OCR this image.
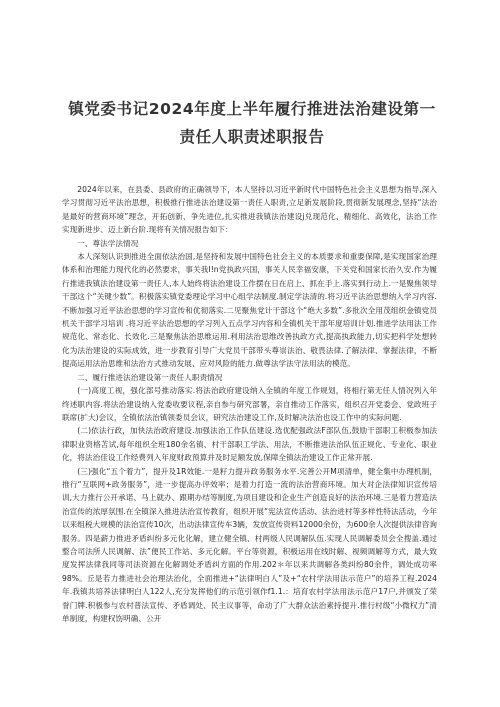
镇党委书记2024年度上半年履行推进法治建设第一责任人职责述职报告

2024年以来，在县委、县政府的正确领导下，本人坚持以习近平新时代中国特色社会主义思想为指导,深入学习贯彻习近平法治思想，积极推行推进法治建设第一责任人职责,立足新发展阶段,贯彻新发展理念,坚持“法治是最好的营商环境”理念，开拓创新、争先进位,扎实推进我镇法治建设j兑现范化、精细化、高效化，法治工作实现新进步、迈上新台阶.现将有关情况报告如下：

一、尊法学法情况

本人深刻认识到推进全面依法治国,是坚持和发展中国特色社会主义的本质要求和重要保障,是实现国家治理体系和治理能力现代化的必然要求，事关我I!n党执政兴国，事关人民幸福安康，下关党和国家长治久安.作为履行推进我镇法治建设第一责任人,本人始终将法治建设工作摆在日在启上、抓在手上.落实到行动上.一是聚焦领导干部这个“关键少数”。积极落实镇党委理论学习中心组学法制度.制定学法清的.将习近平法治思想纳入学习内容.不断加强习近平法治思想的学习宣传和优彻落实.二见聚焦党计干部这个“绝大多数”.多批次全用茂组织金镇党员机关干部学习培训 .将习近平法治思想的学习列入五点学习内容和全镇机关干部年度培训计划.推进学法用法工作规范化、常态化、长效化.三是聚焦法治思维运用.利用法治思维改善执政方式,提高执政能力,切实把科学处想转化为法治建设的实际成效，进一步教育引导广大党员干部带头尊崇法治、敬畏法律.了解法律、掌握法律，不断提高运用法治思维和法治方式推动发展、应对风险的能力.做尊法学法守法用法的模范。

二、履行推进法治建设第一责任人职责情况

(一)高度工视，强化部号推动落实.将法治政府建设纳入全镇的年度工作规划，将相行第无任人情况列入年终述职内容.将法治建设纳入党委收要议程,亲自参与研究部署，亲自推动工作落实，组织召开党委会、党政班子联席(扩大)会议，全镇依法治镇领委员会议，研究法治建设工作,及时解决法治也设工作中的实际问题.

(二)依法行政，加快法治政府建设.加强法治工作队伍建设.选优配强政法F部队伍,鼓励干部职工积极参加法律职业资格苫试,每年组织全班180余名镇、村干部职工学法、用法，不断推进法治队伍正规化、专业化、职业化，将法治佳设工作经费列入年度财政预算并及时足额发放,保障全镇法治建设工作正常开展.

(三)强化“五个着力”，提升及1R效能.一是籽力提升政务服务水平.完善公开M项清单，健全集中办理机制，推行“互联网+政务服务”，进一步提高办评效率；是着力打造一流的法治营商环境。加大对企法律知识宣传培训,大力推行公开承诺、马上就办、跟期办结等制度,为项目建设和企业生产创造良好的法治环境.三是着力营造法治宣传的浓厚氛围.在全镇深入推进法治宣传教育，组织开展“宪法宣传活动、法治进村等多样性特法活动，今年以来组税大规模的法治宣传10次，出动法律宣传车3辆，发放宣传资料12000余份，为600余人次提供法律咨询服务。四是薪力推进矛盾纠纷多元化化解，建立健全镇、村两级人民调解队伍.实现人民调解委员会全搜盖.通过整合司法所人民调解、法”便民工作站、多元化解。平台等资源，积极运用在线时解、视频调解等方式，最大致度发挥法律我同等司法资源在化解调处矛盾纠方面的作用.202＊年以来共调解各类纠纷80余件，调处成功率98%。丘是若力推进社会治理法治化，全面推进+“法律明白人”及+“农村学法用法示范户”的培养工程.2024年.我镇共培养法律明白人122人,充分发挥他们的示范引领作f1.1.：培育农村学法用法示范户17户,并颁发了荣誉门牌.积极参与农村普法宣传、矛盾调处、民主议事等，命动了广大群众法治素持提升.推行村级“小微权力”清单制度，构建权饬明确、公开
